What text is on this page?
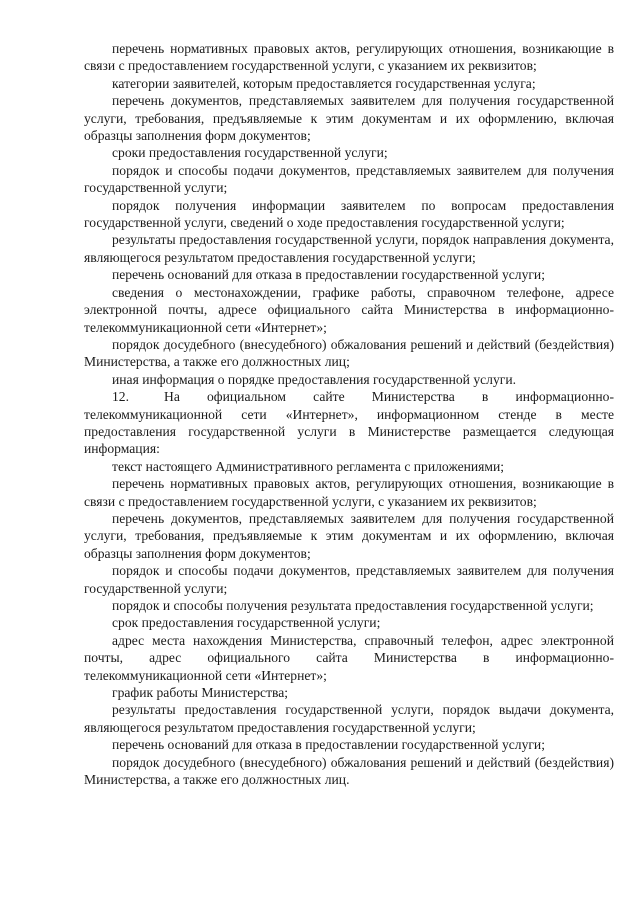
перечень нормативных правовых актов, регулирующих отношения, возникающие в связи с предоставлением государственной услуги, с указанием их реквизитов;

категории заявителей, которым предоставляется государственная услуга;

перечень документов, представляемых заявителем для получения государственной услуги, требования, предъявляемые к этим документам и их оформлению, включая образцы заполнения форм документов;

сроки предоставления государственной услуги;

порядок и способы подачи документов, представляемых заявителем для получения государственной услуги;

порядок получения информации заявителем по вопросам предоставления государственной услуги, сведений о ходе предоставления государственной услуги;

результаты предоставления государственной услуги, порядок направления документа, являющегося результатом предоставления государственной услуги;

перечень оснований для отказа в предоставлении государственной услуги;

сведения о местонахождении, графике работы, справочном телефоне, адресе электронной почты, адресе официального сайта Министерства в информационно-телекоммуникационной сети «Интернет»;

порядок досудебного (внесудебного) обжалования решений и действий (бездействия) Министерства, а также его должностных лиц;

иная информация о порядке предоставления государственной услуги.

12.	На официальном сайте Министерства в информационно-телекоммуникационной сети «Интернет», информационном стенде в месте предоставления государственной услуги в Министерстве размещается следующая информация:

текст настоящего Административного регламента с приложениями;

перечень нормативных правовых актов, регулирующих отношения, возникающие в связи с предоставлением государственной услуги, с указанием их реквизитов;

перечень документов, представляемых заявителем для получения государственной услуги, требования, предъявляемые к этим документам и их оформлению, включая образцы заполнения форм документов;

порядок и способы подачи документов, представляемых заявителем для получения государственной услуги;

порядок и способы получения результата предоставления государственной услуги;

срок предоставления государственной услуги;

адрес места нахождения Министерства, справочный телефон, адрес электронной почты, адрес официального сайта Министерства в информационно-телекоммуникационной сети «Интернет»;

график работы Министерства;

результаты предоставления государственной услуги, порядок выдачи документа, являющегося результатом предоставления государственной услуги;

перечень оснований для отказа в предоставлении государственной услуги;

порядок досудебного (внесудебного) обжалования решений и действий (бездействия) Министерства, а также его должностных лиц.
